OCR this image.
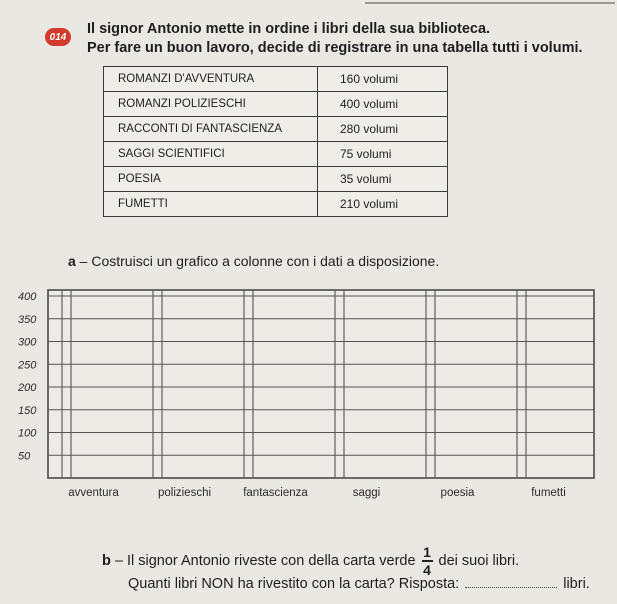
014	Il signor Antonio mette in ordine i libri della sua biblioteca.
Per fare un buon lavoro, decide di registrare in una tabella tutti i volumi.
ROMANZI D'AVVENTURA	160 volumi
ROMANZI POLIZIESCHI	400 volumi
RACCONTI DI FANTASCIENZA	280 volumi
SAGGI SCIENTIFICI	75 volumi
POESIA	35 volumi
FUMETTI	210 volumi
a – Costruisci un grafico a colonne con i dati a disposizione.
50
100
150
200
250
300
350
400
avventura	polizieschi	fantascienza	saggi	poesia	fumetti
b – Il signor Antonio riveste con della carta verde $\frac{1}{4}$ dei suoi libri.
Quanti libri NON ha rivestito con la carta? Risposta:	libri.
